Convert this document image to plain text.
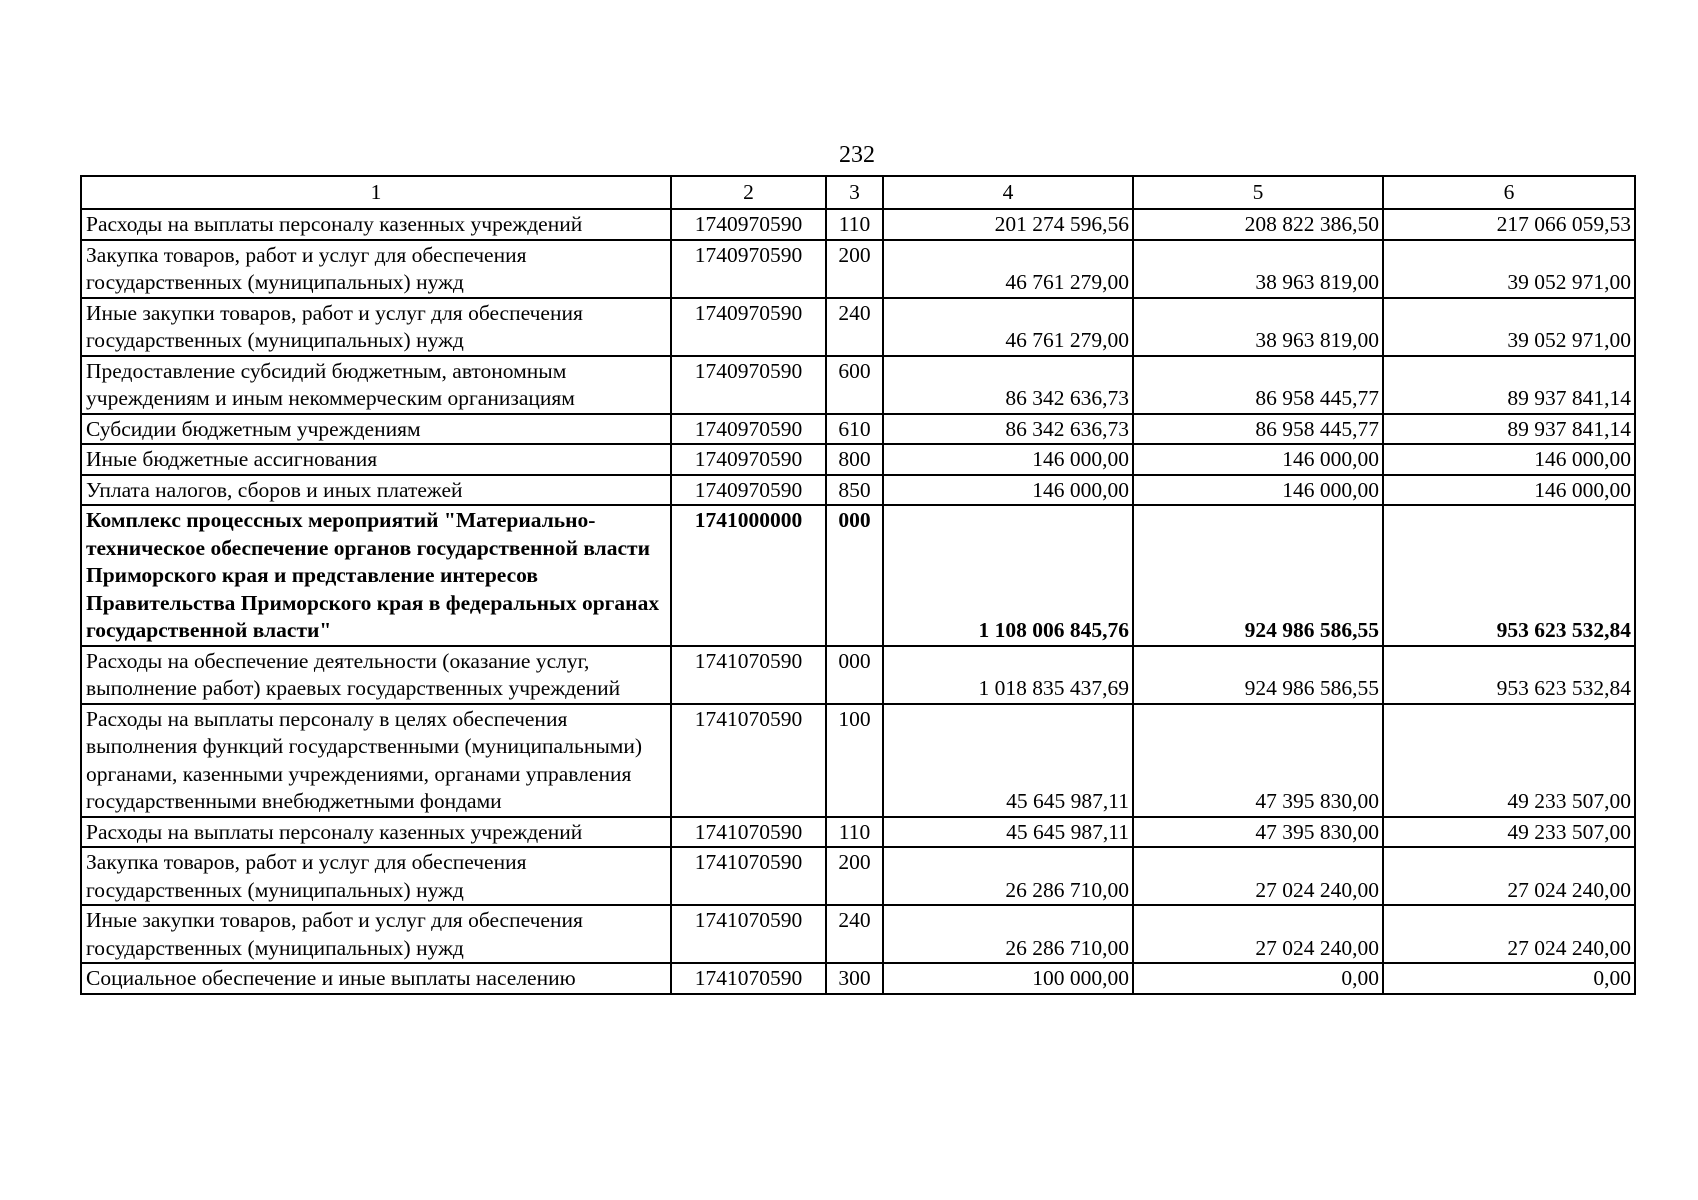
232
1	2	3	4	5	6
Расходы на выплаты персоналу казенных учреждений	1740970590	110	201 274 596,56	208 822 386,50	217 066 059,53
Закупка товаров, работ и услуг для обеспечения государственных (муниципальных) нужд	1740970590	200	46 761 279,00	38 963 819,00	39 052 971,00
Иные закупки товаров, работ и услуг для обеспечения государственных (муниципальных) нужд	1740970590	240	46 761 279,00	38 963 819,00	39 052 971,00
Предоставление субсидий бюджетным, автономным учреждениям и иным некоммерческим организациям	1740970590	600	86 342 636,73	86 958 445,77	89 937 841,14
Субсидии бюджетным учреждениям	1740970590	610	86 342 636,73	86 958 445,77	89 937 841,14
Иные бюджетные ассигнования	1740970590	800	146 000,00	146 000,00	146 000,00
Уплата налогов, сборов и иных платежей	1740970590	850	146 000,00	146 000,00	146 000,00
Комплекс процессных мероприятий "Материально-техническое обеспечение органов государственной власти Приморского края и представление интересов Правительства Приморского края в федеральных органах государственной власти"	1741000000	000	1 108 006 845,76	924 986 586,55	953 623 532,84
Расходы на обеспечение деятельности (оказание услуг, выполнение работ) краевых государственных учреждений	1741070590	000	1 018 835 437,69	924 986 586,55	953 623 532,84
Расходы на выплаты персоналу в целях обеспечения выполнения функций государственными (муниципальными) органами, казенными учреждениями, органами управления государственными внебюджетными фондами	1741070590	100	45 645 987,11	47 395 830,00	49 233 507,00
Расходы на выплаты персоналу казенных учреждений	1741070590	110	45 645 987,11	47 395 830,00	49 233 507,00
Закупка товаров, работ и услуг для обеспечения государственных (муниципальных) нужд	1741070590	200	26 286 710,00	27 024 240,00	27 024 240,00
Иные закупки товаров, работ и услуг для обеспечения государственных (муниципальных) нужд	1741070590	240	26 286 710,00	27 024 240,00	27 024 240,00
Социальное обеспечение и иные выплаты населению	1741070590	300	100 000,00	0,00	0,00
